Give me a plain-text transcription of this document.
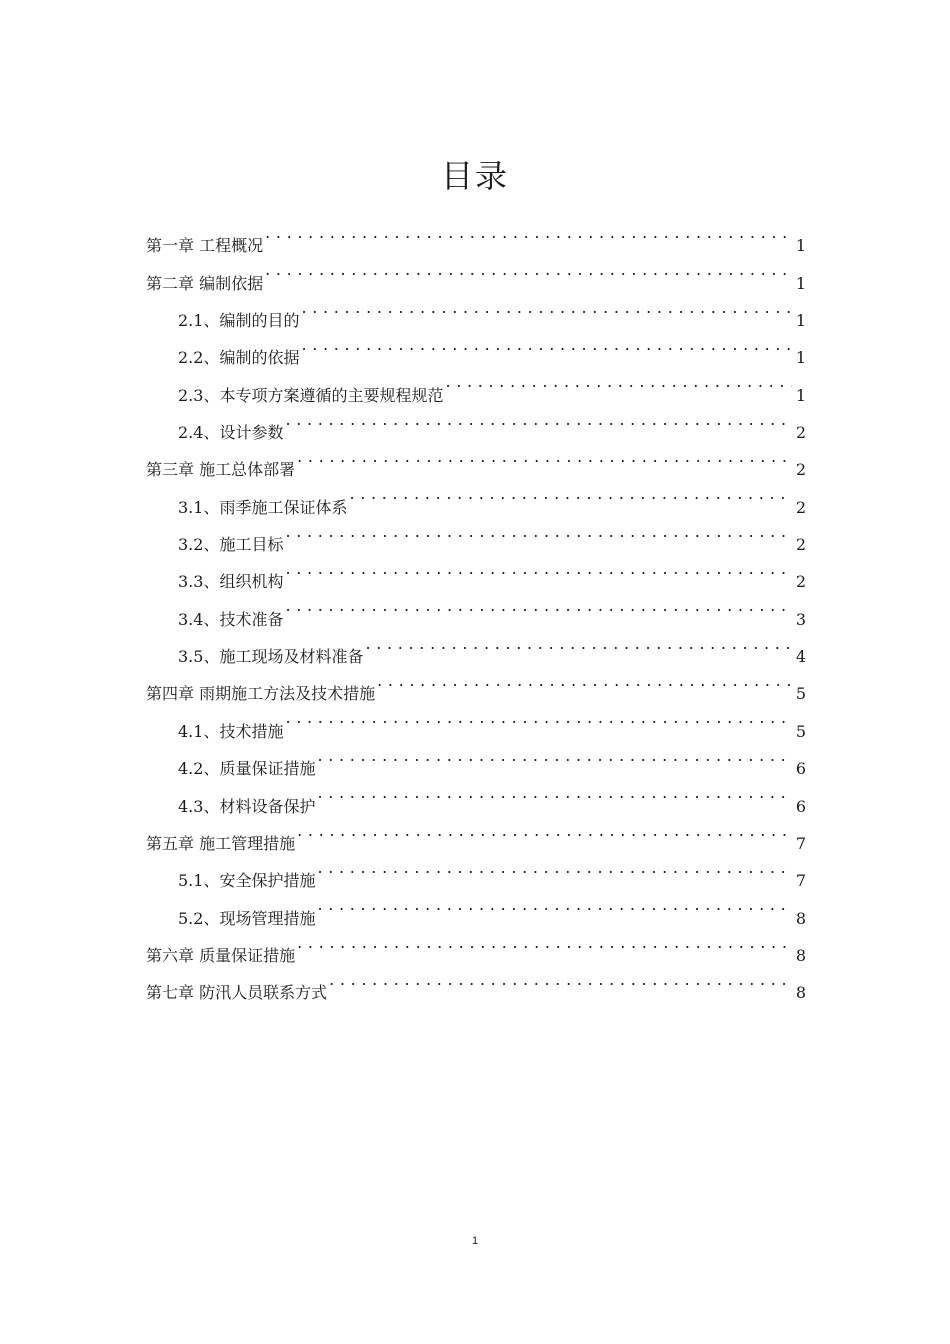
目录
第一章 工程概况 . . .	1
第二章 编制依据 . . .	1
2.1、编制的目的 . . .	1
2.2、编制的依据 . . .	1
2.3、本专项方案遵循的主要规程规范 . . .	1
2.4、设计参数 . . .	2
第三章 施工总体部署 . . .	2
3.1、雨季施工保证体系 . . .	2
3.2、施工目标 . . .	2
3.3、组织机构 . . .	2
3.4、技术准备 . . .	3
3.5、施工现场及材料准备 . . .	4
第四章 雨期施工方法及技术措施 . . .	5
4.1、技术措施 . . .	5
4.2、质量保证措施 . . .	6
4.3、材料设备保护 . . .	6
第五章 施工管理措施 . . .	7
5.1、安全保护措施 . . .	7
5.2、现场管理措施 . . .	8
第六章 质量保证措施 . . .	8
第七章 防汛人员联系方式 . . .	8
1
